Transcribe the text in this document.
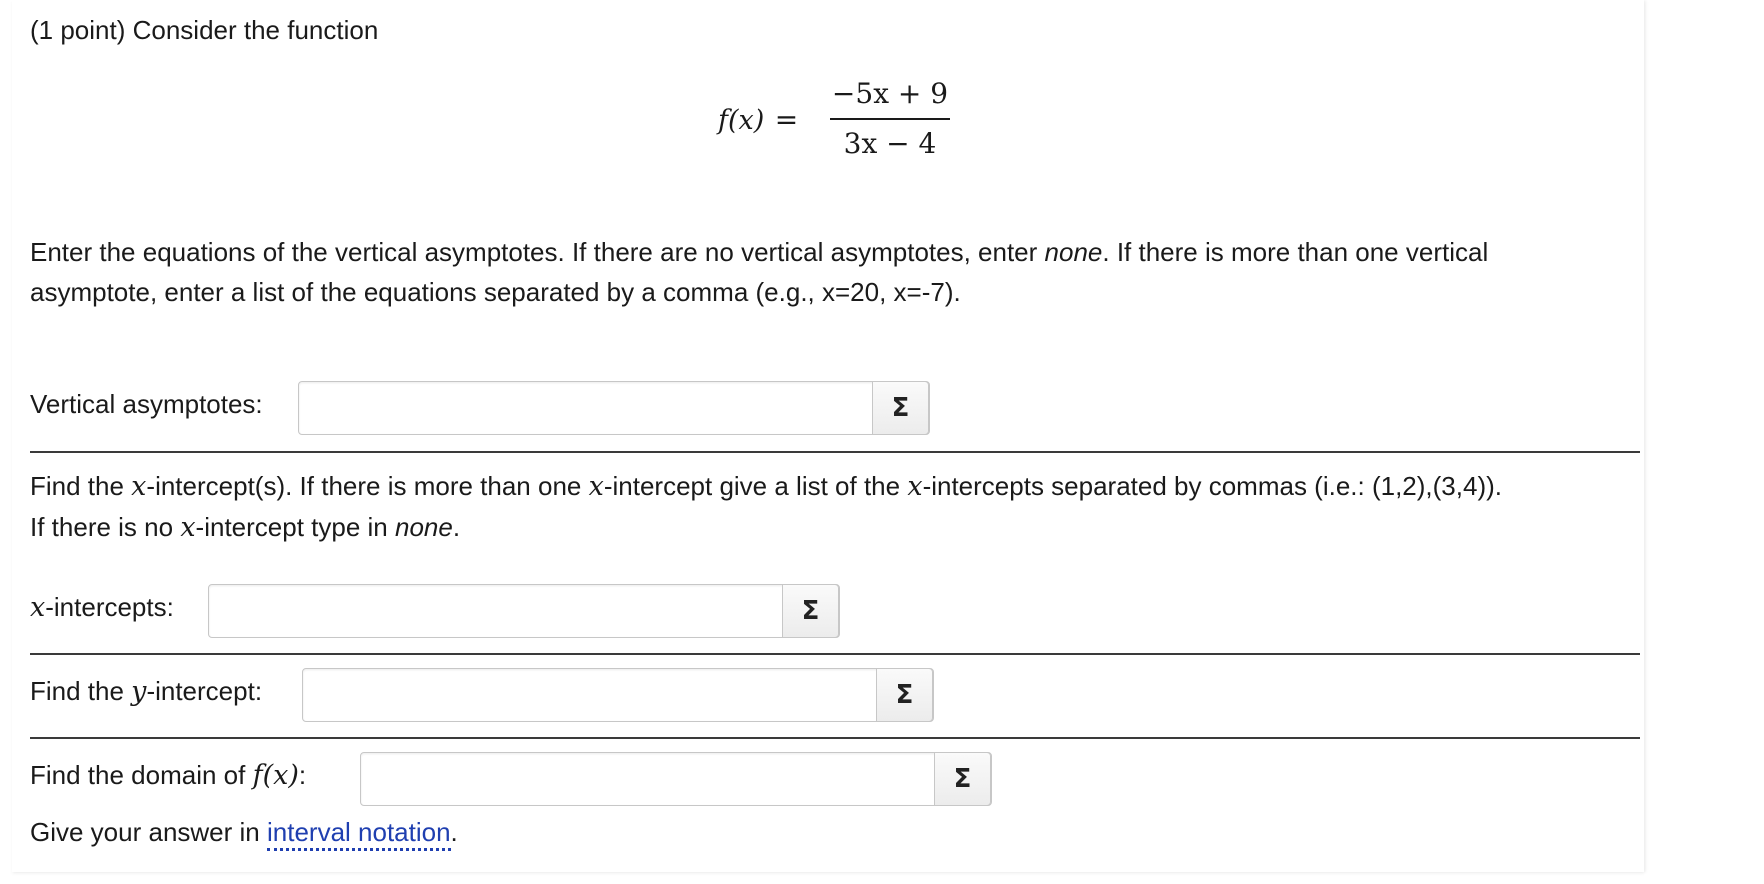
(1 point) Consider the function
f(x) =
−5x + 9
3x − 4
Enter the equations of the vertical asymptotes. If there are no vertical asymptotes, enter none. If there is more than one vertical
asymptote, enter a list of the equations separated by a comma (e.g., x=20, x=-7).
Vertical asymptotes:	Σ
Find the x-intercept(s). If there is more than one x-intercept give a list of the x-intercepts separated by commas (i.e.: (1,2),(3,4)).
If there is no x-intercept type in none.
x-intercepts:	Σ
Find the y-intercept:	Σ
Find the domain of f(x):	Σ
Give your answer in interval notation.
